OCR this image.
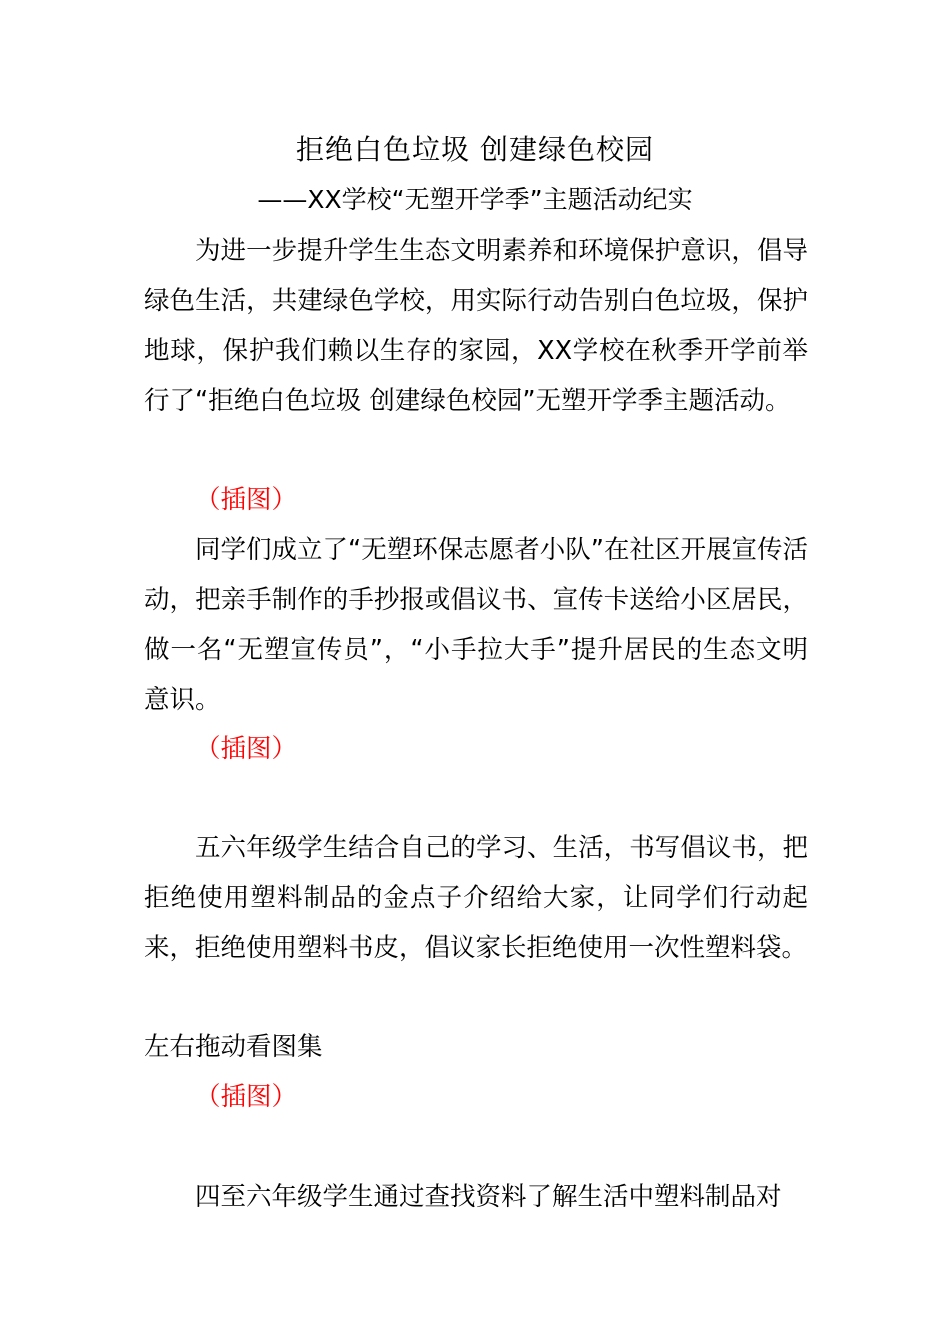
拒绝白色垃圾 创建绿色校园
——XX学校“无塑开学季”主题活动纪实

为进一步提升学生生态文明素养和环境保护意识，倡导绿色生活，共建绿色学校，用实际行动告别白色垃圾，保护地球，保护我们赖以生存的家园，XX学校在秋季开学前举行了“拒绝白色垃圾 创建绿色校园”无塑开学季主题活动。

（插图）

同学们成立了“无塑环保志愿者小队”在社区开展宣传活动，把亲手制作的手抄报或倡议书、宣传卡送给小区居民，做一名“无塑宣传员”，“小手拉大手”提升居民的生态文明意识。

（插图）

五六年级学生结合自己的学习、生活，书写倡议书，把拒绝使用塑料制品的金点子介绍给大家，让同学们行动起来，拒绝使用塑料书皮，倡议家长拒绝使用一次性塑料袋。

左右拖动看图集
（插图）

四至六年级学生通过查找资料了解生活中塑料制品对
